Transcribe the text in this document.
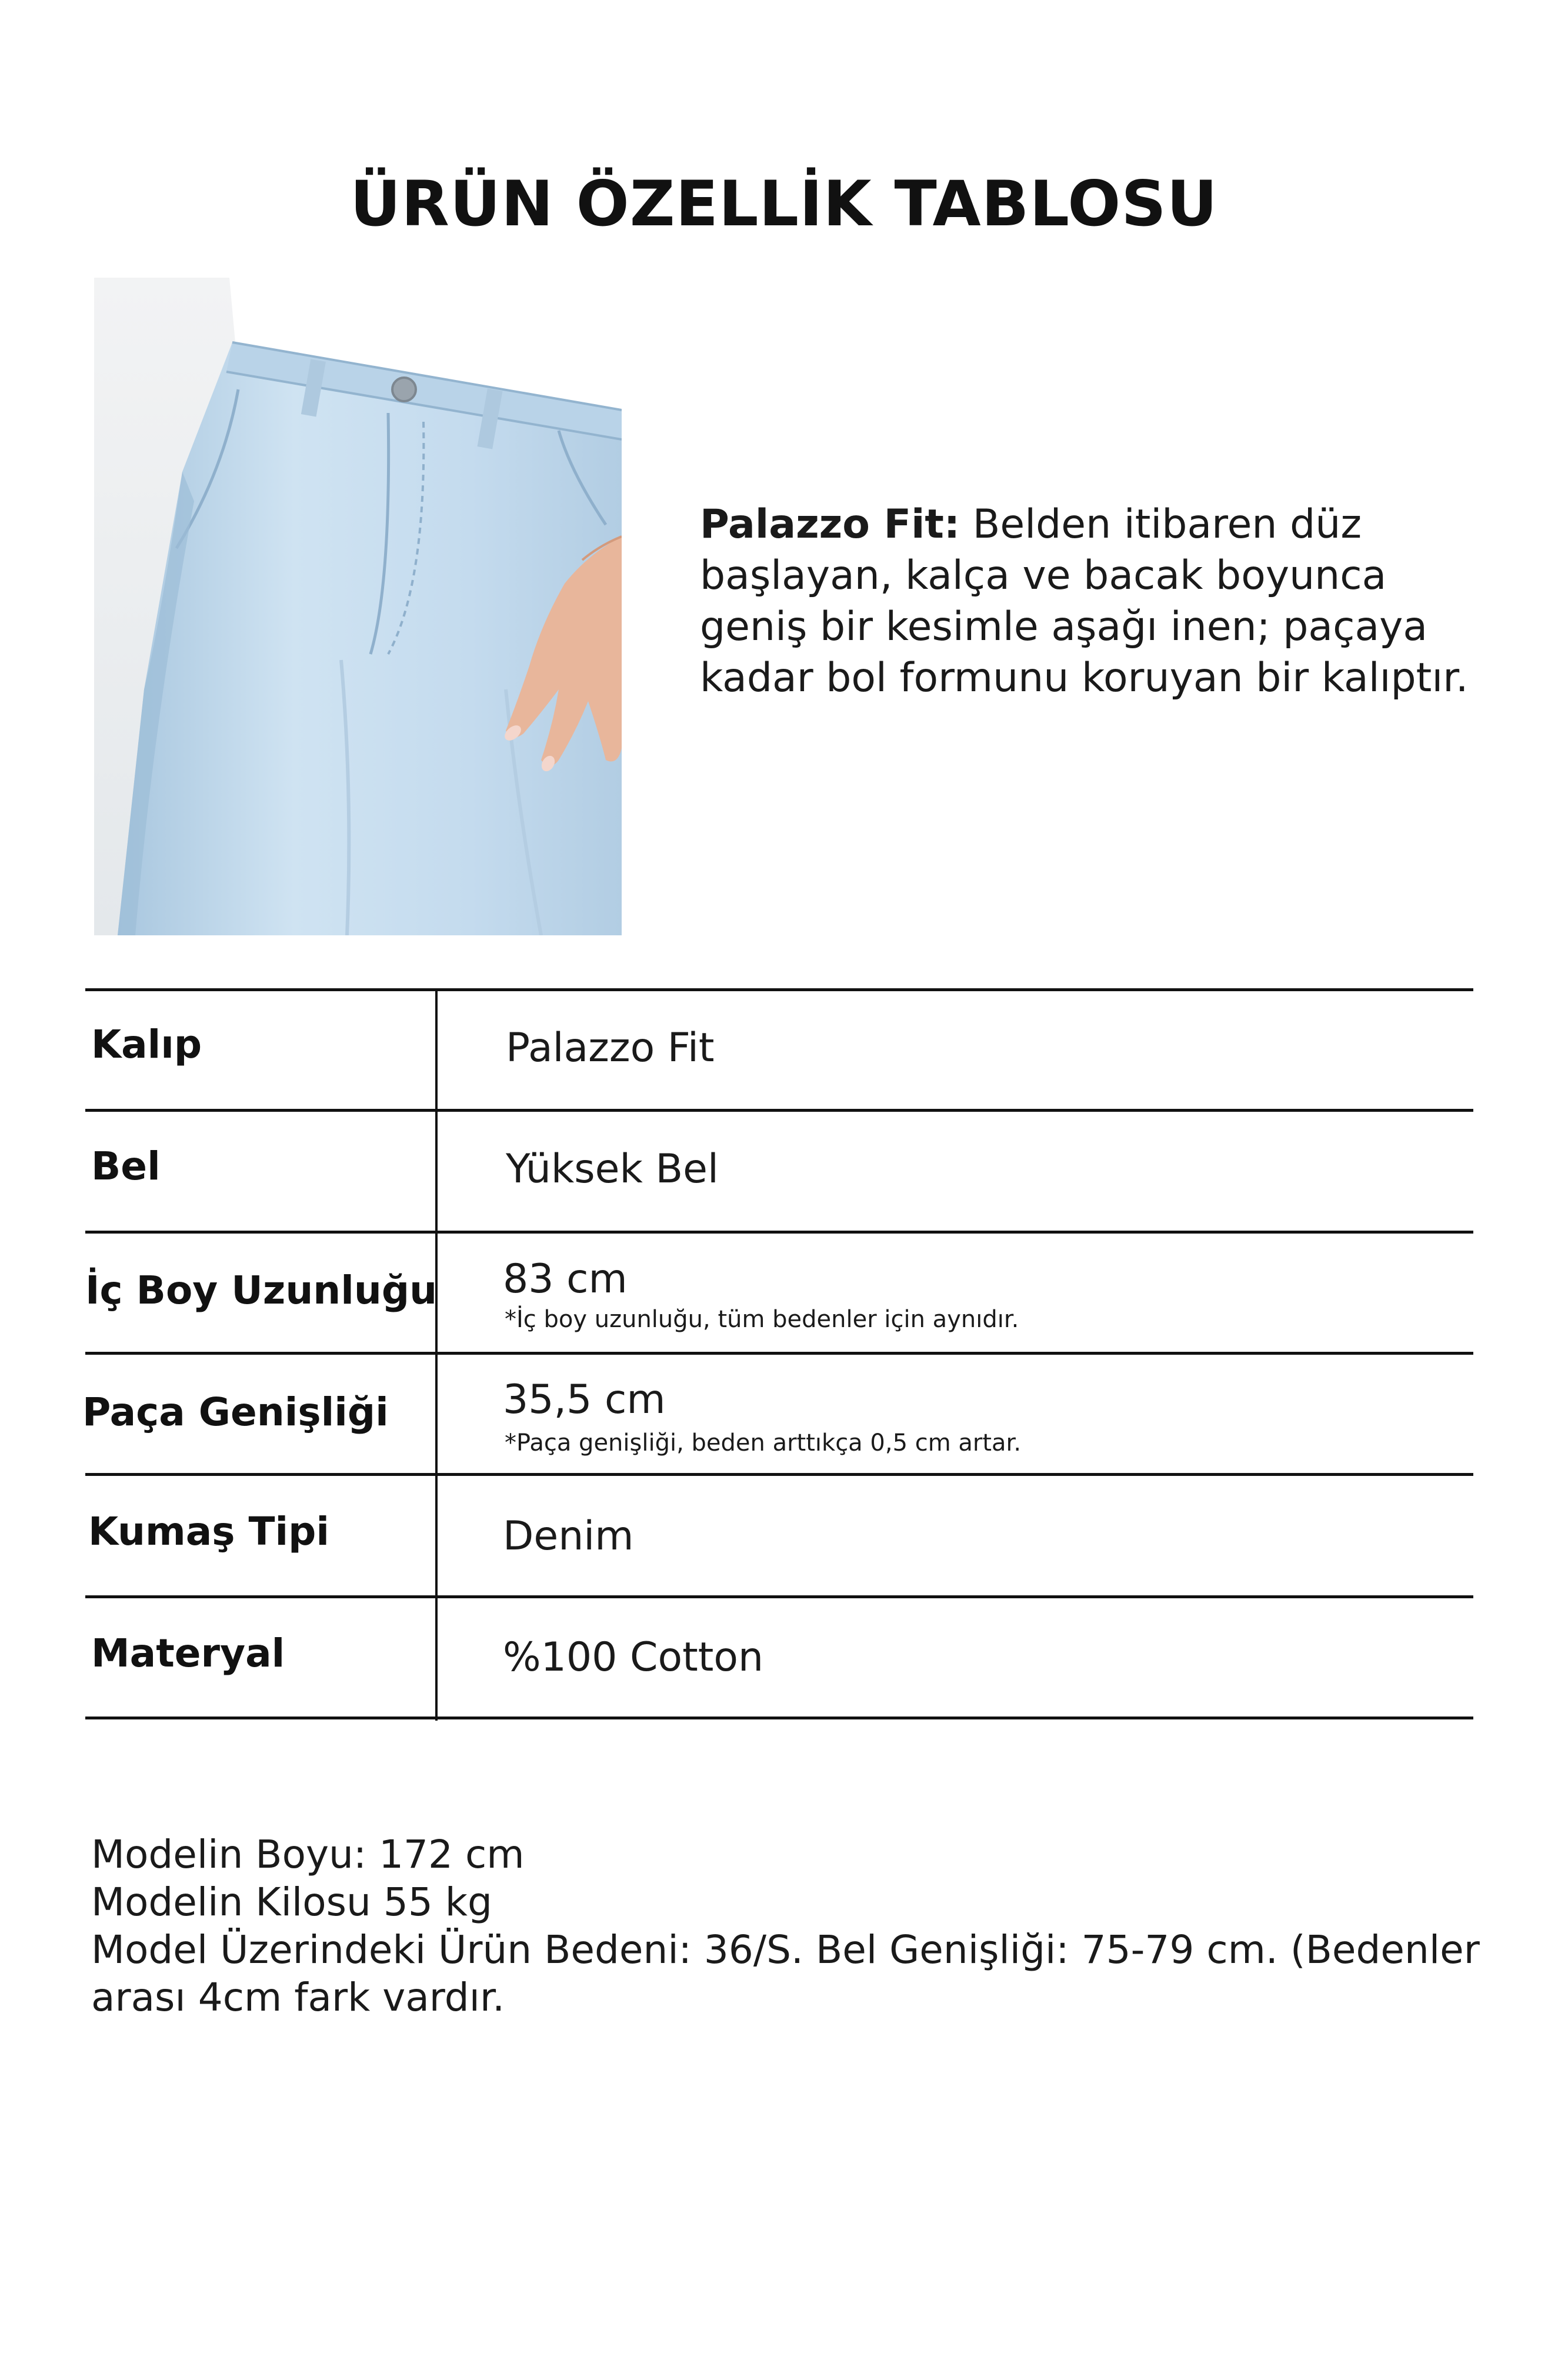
ÜRÜN ÖZELLİK TABLOSU
Palazzo Fit: Belden itibaren düz
başlayan, kalça ve bacak boyunca
geniş bir kesimle aşağı inen; paçaya
kadar bol formunu koruyan bir kalıptır.
Kalıp	Palazzo Fit
Bel	Yüksek Bel
İç Boy Uzunluğu 83 cm
*İç boy uzunluğu, tüm bedenler için aynıdır.
Paça Genişliği	35,5 cm
*Paça genişliği, beden arttıkça 0,5 cm artar.
Kumaş Tipi	Denim
Materyal	%100 Cotton
Modelin Boyu: 172 cm
Modelin Kilosu 55 kg
Model Üzerindeki Ürün Bedeni: 36/S. Bel Genişliği: 75-79 cm. (Bedenler
arası 4cm fark vardır.
